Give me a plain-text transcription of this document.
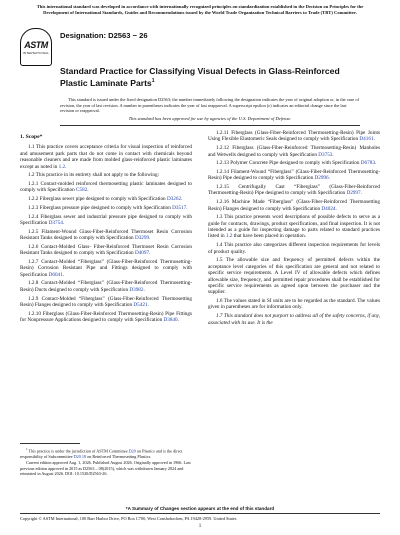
This international standard was developed in accordance with internationally recognized principles on standardization established in the Decision on Principles for the Development of International Standards, Guides and Recommendations issued by the World Trade Organization Technical Barriers to Trade (TBT) Committee.
ASTM
INTERNATIONAL
Designation: D2563 − 26
Standard Practice for Classifying Visual Defects in Glass-Reinforced Plastic Laminate Parts$^1$

This standard is issued under the fixed designation D2563; the number immediately following the designation indicates the year of original adoption or, in the case of revision, the year of last revision. A number in parentheses indicates the year of last reapproval. A superscript epsilon (ε) indicates an editorial change since the last revision or reapproval.

This standard has been approved for use by agencies of the U.S. Department of Defense.

1. Scope*

1.1 This practice covers acceptance criteria for visual inspection of reinforced and amusement park parts that do not come in contact with chemicals beyond reasonable cleaners and are made from molded glass-reinforced plastic laminates except as noted in 1.2.

1.2 This practice in its entirety shall not apply to the following:

1.2.1 Contact-molded reinforced thermosetting plastic laminates designed to comply with Specification C582.

1.2.2 Fiberglass sewer pipe designed to comply with Specification D3262.

1.2.3 Fiberglass pressure pipe designed to comply with Specification D3517.

1.2.4 Fiberglass sewer and industrial pressure pipe designed to comply with Specification D3754.

1.2.5 Filament-Wound Glass-Fiber-Reinforced Thermoset Resin Corrosion Resistant Tanks designed to comply with Specification D3299.

1.2.6 Contact-Molded Glass- Fiber-Reinforced Thermoset Resin Corrosion Resistant Tanks designed to comply with Specification D4097.

1.2.7 Contact-Molded “Fiberglass” (Glass-Fiber-Reinforced Thermosetting-Resin) Corrosion Resistant Pipe and Fittings designed to comply with Specification D6041.

1.2.8 Contact-Molded “Fiberglass” (Glass-Fiber-Reinforced Thermosetting-Resin) Ducts designed to comply with Specification D3982.

1.2.9 Contact-Molded “Fiberglass” (Glass-Fiber-Reinforced Thermosetting Resin) Flanges designed to comply with Specification D5421.

1.2.10 Fiberglass (Glass-Fiber-Reinforced Thermosetting-Resin) Pipe Fittings for Nonpressure Applications designed to comply with Specification D3840.

1.2.11 Fiberglass (Glass-Fiber-Reinforced Thermosetting-Resin) Pipe Joints Using Flexible Elastomeric Seals designed to comply with Specification D4161.

1.2.12 Fiberglass (Glass-Fiber-Reinforced Thermosetting-Resin) Manholes and Wetwells designed to comply with Specification D3753.

1.2.13 Polymer Concrete Pipe designed to comply with Specification D6783.

1.2.14 Filament-Wound “Fiberglass” (Glass-Fiber-Reinforced Thermosetting-Resin) Pipe designed to comply with Specification D2996.

1.2.15 Centrifugally Cast “Fiberglass” (Glass-Fiber-Reinforced Thermosetting-Resin) Pipe designed to comply with Specification D2997.

1.2.16 Machine Made “Fiberglass” (Glass-Fiber-Reinforced Thermosetting Resin) Flanges designed to comply with Specification D4024.

1.3 This practice presents word descriptions of possible defects to serve as a guide for contracts, drawings, product specifications, and final inspection. It is not intended as a guide for inspecting damage to parts related to standard practices listed in 1.2 that have been placed in operation.

1.4 This practice also categorizes different inspection requirements for levels of product quality.

1.5 The allowable size and frequency of permitted defects within the acceptance level categories of this specification are general and not related to specific service requirements. A Level IV of allowable defects which defines allowable size, frequency, and permitted repair procedures shall be established for specific service requirements as agreed upon between the purchaser and the supplier.

1.6 The values stated in SI units are to be regarded as the standard. The values given in parentheses are for information only.

1.7 This standard does not purport to address all of the safety concerns, if any, associated with its use. It is the

$^1$ This practice is under the jurisdiction of ASTM Committee D20 on Plastics and is the direct responsibility of Subcommittee D20.18 on Reinforced Thermosetting Plastics.

Current edition approved Aug. 1, 2026. Published August 2026. Originally approved in 1966. Last previous edition approved in 2015 as D2563 – 08(2015), which was withdrawn January 2024 and reinstated in August 2026. DOI: 10.1520/D2563-26.

*A Summary of Changes section appears at the end of this standard
Copyright © ASTM International, 100 Barr Harbor Drive, PO Box C700, West Conshohocken, PA 19428-2959. United States
1
